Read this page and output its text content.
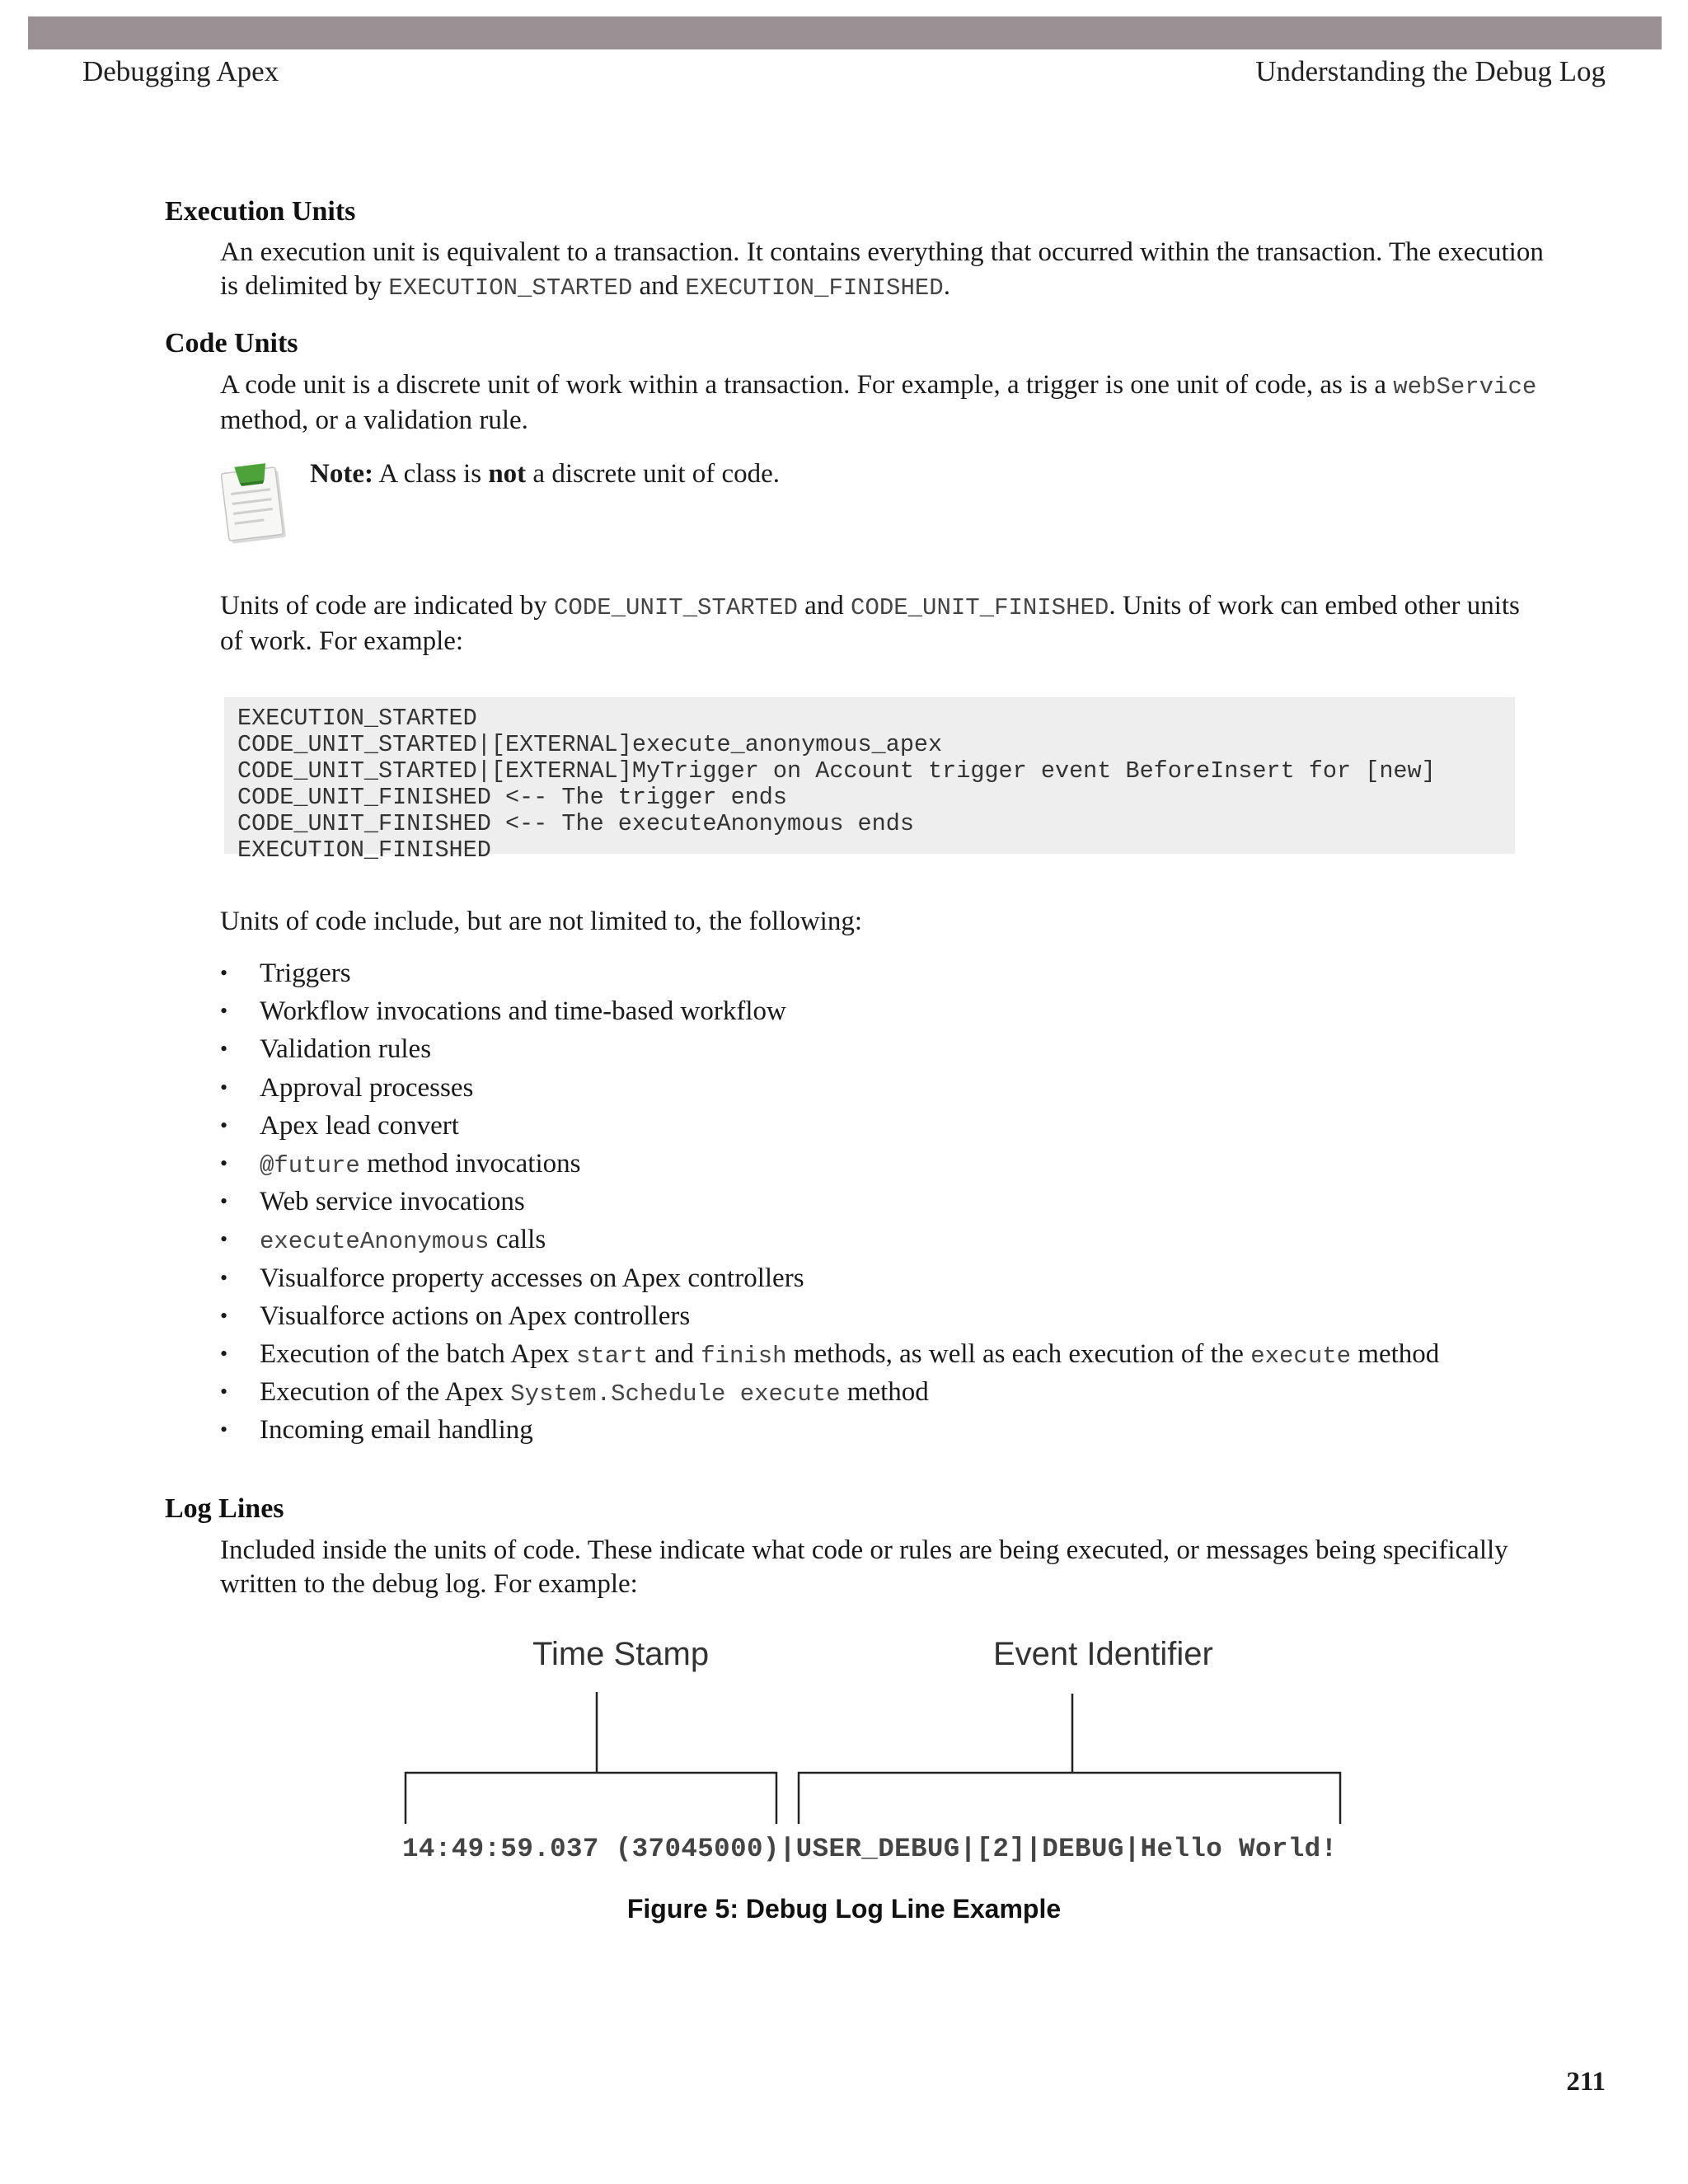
Debugging Apex	Understanding the Debug Log
Execution Units
An execution unit is equivalent to a transaction. It contains everything that occurred within the transaction. The execution is delimited by EXECUTION_STARTED and EXECUTION_FINISHED.
Code Units
A code unit is a discrete unit of work within a transaction. For example, a trigger is one unit of code, as is a webService method, or a validation rule.
Note: A class is not a discrete unit of code.
Units of code are indicated by CODE_UNIT_STARTED and CODE_UNIT_FINISHED. Units of work can embed other units of work. For example:
EXECUTION_STARTED
CODE_UNIT_STARTED|[EXTERNAL]execute_anonymous_apex
CODE_UNIT_STARTED|[EXTERNAL]MyTrigger on Account trigger event BeforeInsert for [new]
CODE_UNIT_FINISHED <-- The trigger ends
CODE_UNIT_FINISHED <-- The executeAnonymous ends
EXECUTION_FINISHED
Units of code include, but are not limited to, the following:
• Triggers
• Workflow invocations and time-based workflow
• Validation rules
• Approval processes
• Apex lead convert
• @future method invocations
• Web service invocations
• executeAnonymous calls
• Visualforce property accesses on Apex controllers
• Visualforce actions on Apex controllers
• Execution of the batch Apex start and finish methods, as well as each execution of the execute method
• Execution of the Apex System.Schedule execute method
• Incoming email handling
Log Lines
Included inside the units of code. These indicate what code or rules are being executed, or messages being specifically written to the debug log. For example:
Time Stamp	Event Identifier
14:49:59.037 (37045000)|USER_DEBUG|[2]|DEBUG|Hello World!
Figure 5: Debug Log Line Example
211
